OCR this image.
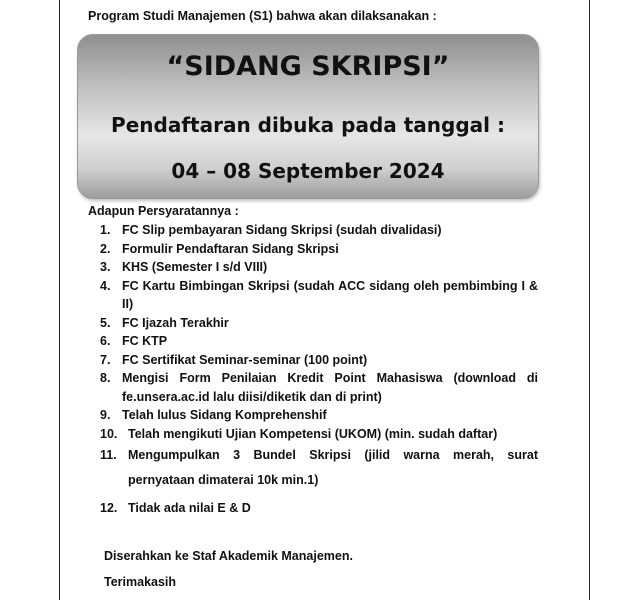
Program Studi Manajemen (S1) bahwa akan dilaksanakan :
“SIDANG SKRIPSI”
Pendaftaran dibuka pada tanggal :
04 – 08 September 2024
Adapun Persyaratannya :
1. FC Slip pembayaran Sidang Skripsi (sudah divalidasi)
2. Formulir Pendaftaran Sidang Skripsi
3. KHS (Semester I s/d VIII)
4. FC Kartu Bimbingan Skripsi (sudah ACC sidang oleh pembimbing I & II)
5. FC Ijazah Terakhir
6. FC KTP
7. FC Sertifikat Seminar-seminar (100 point)
8. Mengisi Form Penilaian Kredit Point Mahasiswa (download di fe.unsera.ac.id lalu diisi/diketik dan di print)
9. Telah lulus Sidang Komprehenshif
10. Telah mengikuti Ujian Kompetensi (UKOM) (min. sudah daftar)
11. Mengumpulkan 3 Bundel Skripsi (jilid warna merah, surat pernyataan dimaterai 10k min.1)
12. Tidak ada nilai E & D
Diserahkan ke Staf Akademik Manajemen.
Terimakasih
